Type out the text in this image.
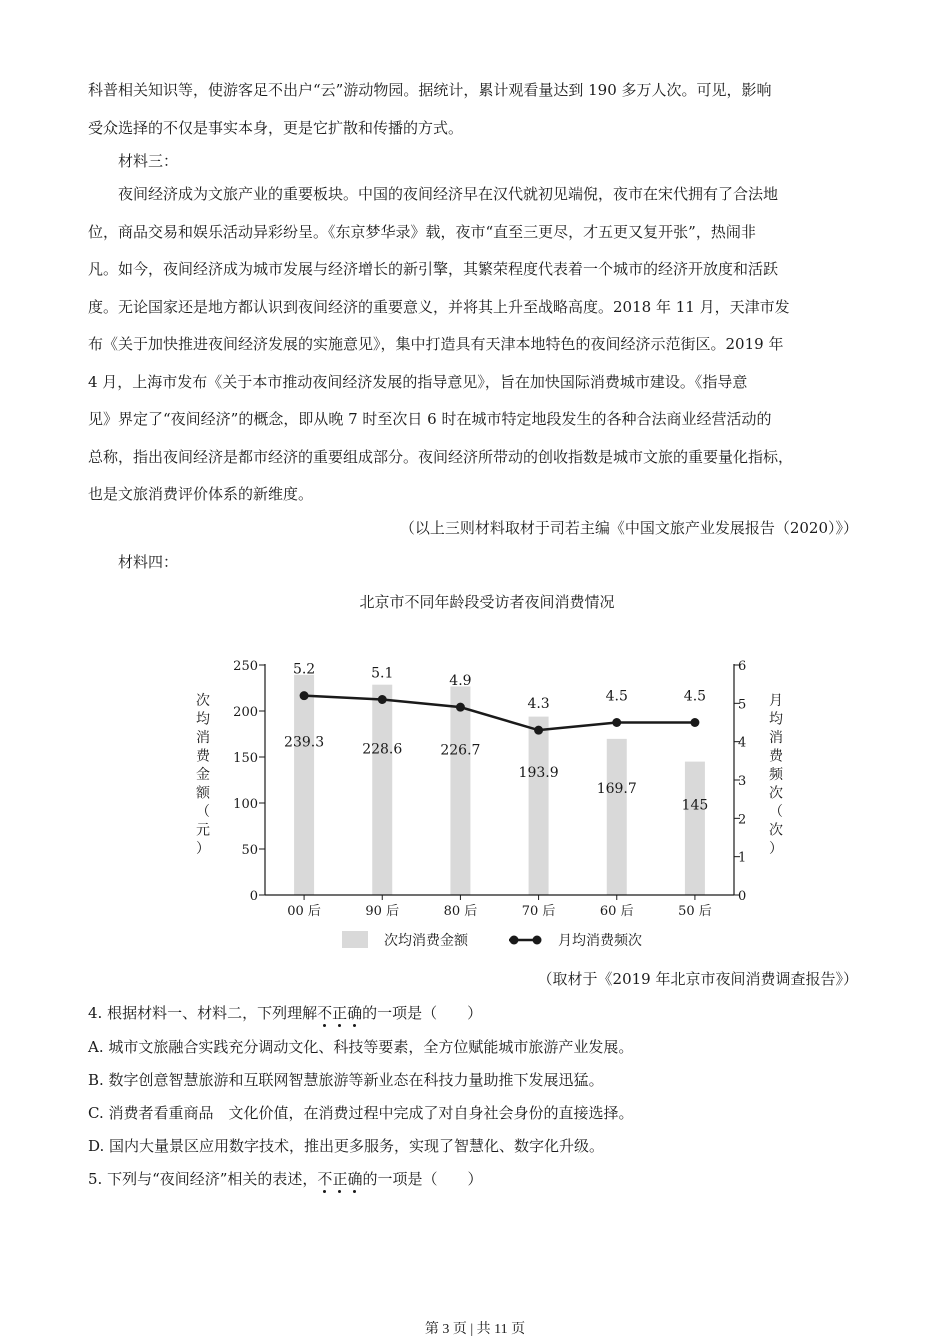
科普相关知识等，使游客足不出户“云”游动物园。据统计，累计观看量达到 190 多万人次。可见，影响
受众选择的不仅是事实本身，更是它扩散和传播的方式。

材料三：

夜间经济成为文旅产业的重要板块。中国的夜间经济早在汉代就初见端倪，夜市在宋代拥有了合法地
位，商品交易和娱乐活动异彩纷呈。《东京梦华录》载，夜市“直至三更尽，才五更又复开张”，热闹非
凡。如今，夜间经济成为城市发展与经济增长的新引擎，其繁荣程度代表着一个城市的经济开放度和活跃
度。无论国家还是地方都认识到夜间经济的重要意义，并将其上升至战略高度。2018 年 11 月，天津市发
布《关于加快推进夜间经济发展的实施意见》，集中打造具有天津本地特色的夜间经济示范街区。2019 年
4 月，上海市发布《关于本市推动夜间经济发展的指导意见》，旨在加快国际消费城市建设。《指导意
见》界定了“夜间经济”的概念，即从晚 7 时至次日 6 时在城市特定地段发生的各种合法商业经营活动的
总称，指出夜间经济是都市经济的重要组成部分。夜间经济所带动的创收指数是城市文旅的重要量化指标，
也是文旅消费评价体系的新维度。

（以上三则材料取材于司若主编《中国文旅产业发展报告（2020）》）

材料四：

北京市不同年龄段受访者夜间消费情况
次均消费金额（元）
月均消费频次（次）
0
50
100
150
200
250
0
1
2
3
4
5
6
00 后	90 后	80 后	70 后	60 后	50 后
239.3	228.6	226.7
193.9
169.7
145
5.2	5.1	4.9
4.3	4.5	4.5
次均消费金额	月均消费频次

（取材于《2019 年北京市夜间消费调查报告》）

4. 根据材料一、材料二，下列理解不正确的一项是（　　）

A. 城市文旅融合实践充分调动文化、科技等要素，全方位赋能城市旅游产业发展。

B. 数字创意智慧旅游和互联网智慧旅游等新业态在科技力量助推下发展迅猛。

C. 消费者看重商品　文化价值，在消费过程中完成了对自身社会身份的直接选择。

D. 国内大量景区应用数字技术，推出更多服务，实现了智慧化、数字化升级。

5. 下列与“夜间经济”相关的表述，不正确的一项是（　　）

第 3 页 | 共 11 页
